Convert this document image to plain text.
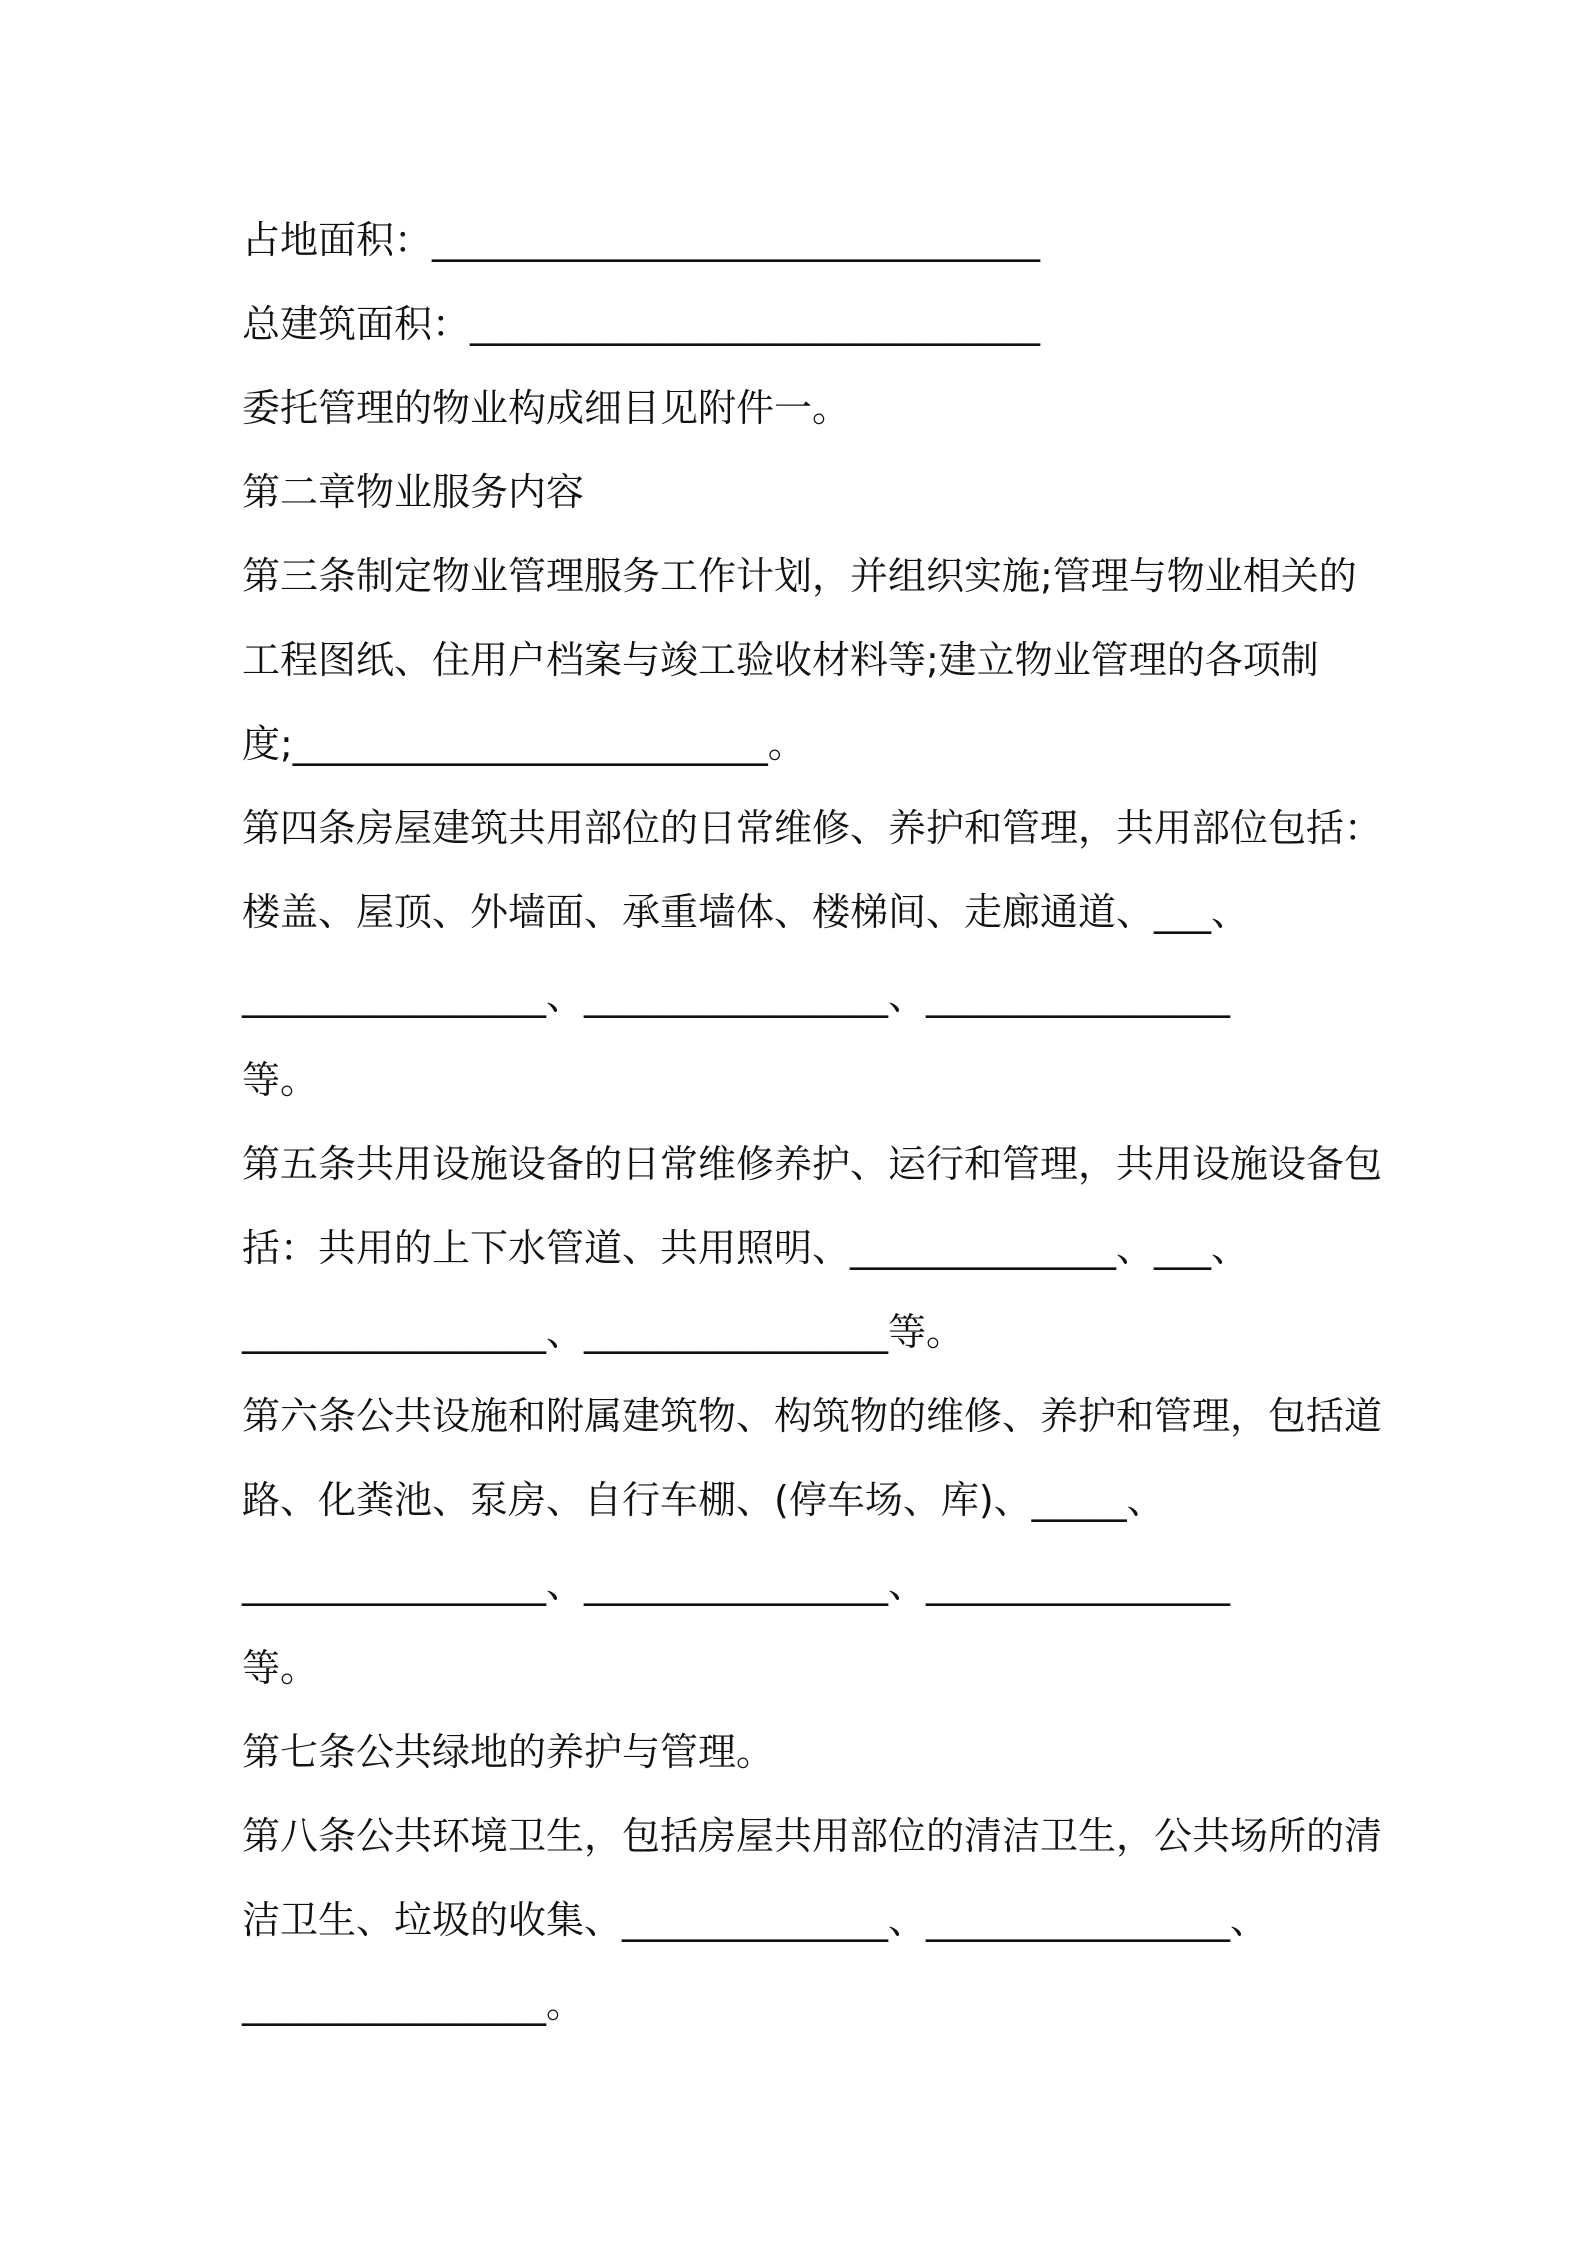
占地面积：________________________________
总建筑面积：______________________________
委托管理的物业构成细目见附件一。
第二章物业服务内容
第三条制定物业管理服务工作计划，并组织实施;管理与物业相关的
工程图纸、住用户档案与竣工验收材料等;建立物业管理的各项制
度;_________________________。
第四条房屋建筑共用部位的日常维修、养护和管理，共用部位包括：
楼盖、屋顶、外墙面、承重墙体、楼梯间、走廊通道、___、
________________、________________、________________
等。
第五条共用设施设备的日常维修养护、运行和管理，共用设施设备包
括：共用的上下水管道、共用照明、______________、___、
________________、________________等。
第六条公共设施和附属建筑物、构筑物的维修、养护和管理，包括道
路、化粪池、泵房、自行车棚、(停车场、库)、_____、
________________、________________、________________
等。
第七条公共绿地的养护与管理。
第八条公共环境卫生，包括房屋共用部位的清洁卫生，公共场所的清
洁卫生、垃圾的收集、______________、________________、
________________。
